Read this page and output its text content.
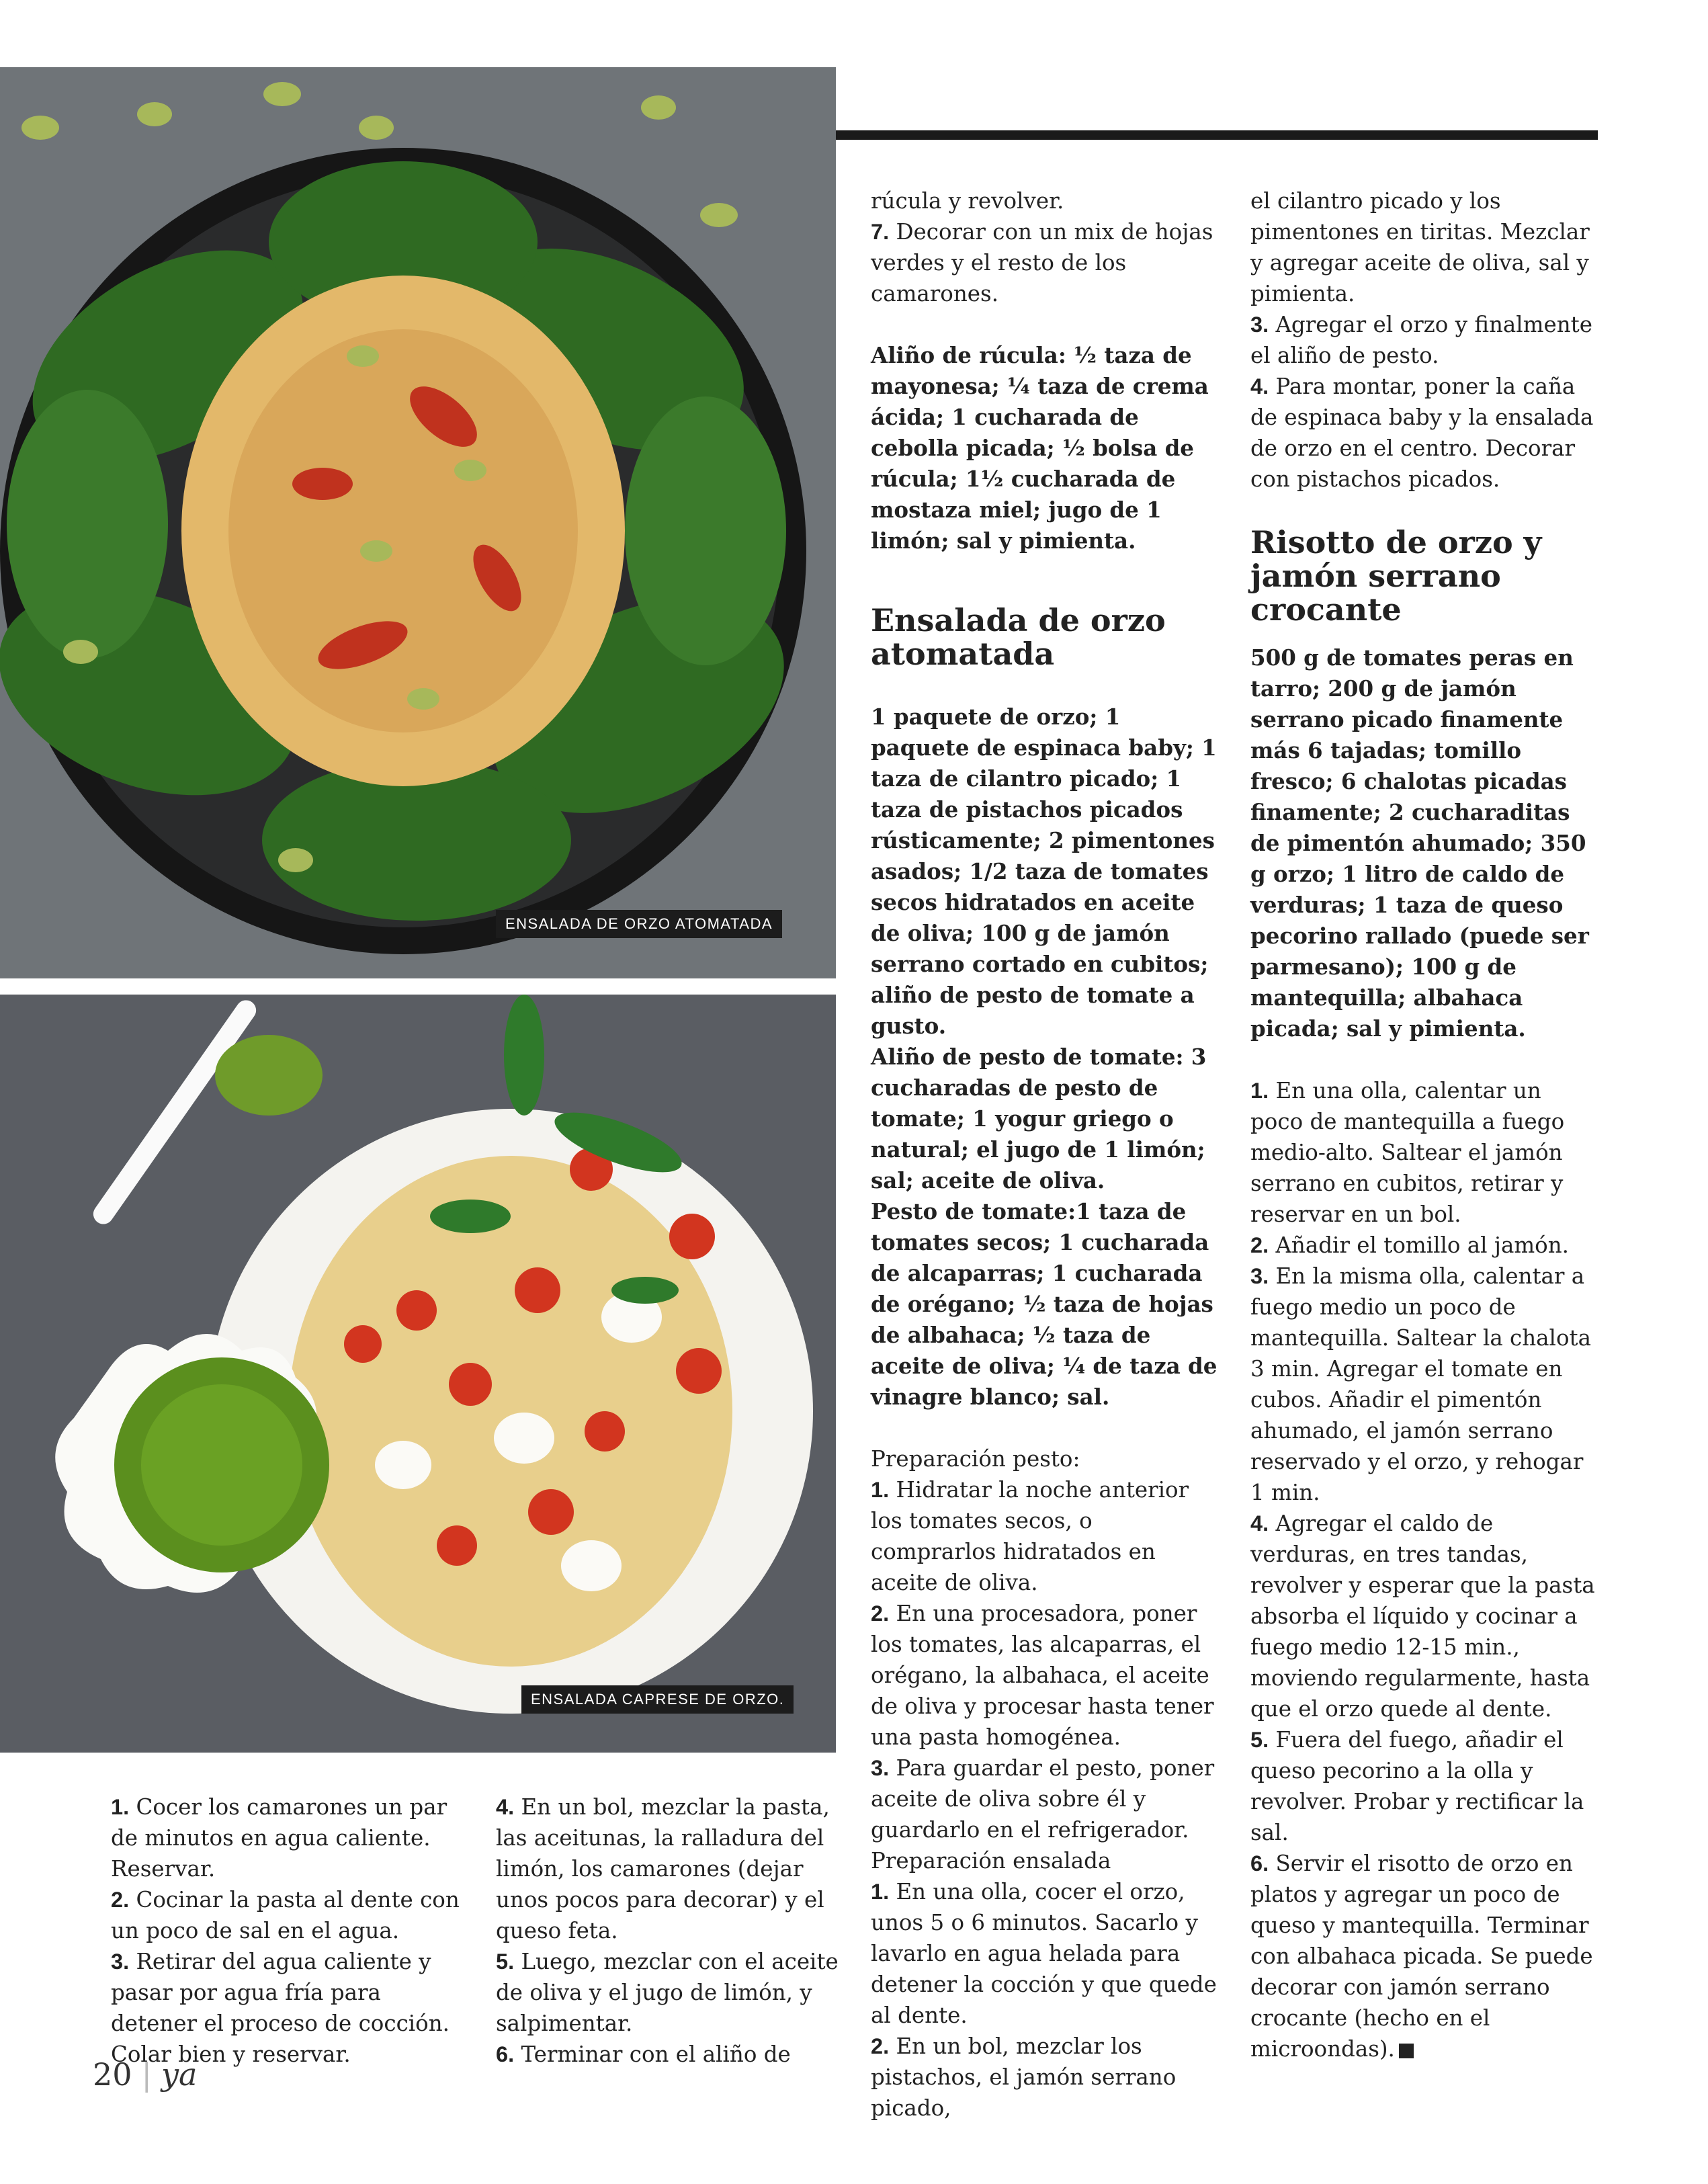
ENSALADA DE ORZO ATOMATADA
ENSALADA CAPRESE DE ORZO.

1. Cocer los camarones un par de minutos en agua caliente. Reservar.

2. Cocinar la pasta al dente con un poco de sal en el agua.

3. Retirar del agua caliente y pasar por agua fría para detener el proceso de cocción. Colar bien y reservar.

4. En un bol, mezclar la pasta, las aceitunas, la ralladura del limón, los camarones (dejar unos pocos para decorar) y el queso feta.

5. Luego, mezclar con el aceite de oliva y el jugo de limón, y salpimentar.

6. Terminar con el aliño de

rúcula y revolver.

7. Decorar con un mix de hojas verdes y el resto de los camarones.

Aliño de rúcula: ½ taza de mayonesa; ¼ taza de crema ácida; 1 cucharada de cebolla picada; ½ bolsa de rúcula; 1½ cucharada de mostaza miel; jugo de 1 limón; sal y pimienta.

Ensalada de orzo atomatada

1 paquete de orzo; 1 paquete de espinaca baby; 1 taza de cilantro picado; 1 taza de pistachos picados rústicamente; 2 pimentones asados; 1/2 taza de tomates secos hidratados en aceite de oliva; 100 g de jamón serrano cortado en cubitos; aliño de pesto de tomate a gusto.

Aliño de pesto de tomate: 3 cucharadas de pesto de tomate; 1 yogur griego o natural; el jugo de 1 limón; sal; aceite de oliva.

Pesto de tomate:1 taza de tomates secos; 1 cucharada de alcaparras; 1 cucharada de orégano; ½ taza de hojas de albahaca; ½ taza de aceite de oliva; ¼ de taza de vinagre blanco; sal.

Preparación pesto:

1. Hidratar la noche anterior los tomates secos, o comprarlos hidratados en aceite de oliva.

2. En una procesadora, poner los tomates, las alcaparras, el orégano, la albahaca, el aceite de oliva y procesar hasta tener una pasta homogénea.

3. Para guardar el pesto, poner aceite de oliva sobre él y guardarlo en el refrigerador.

Preparación ensalada

1. En una olla, cocer el orzo, unos 5 o 6 minutos. Sacarlo y lavarlo en agua helada para detener la cocción y que quede al dente.

2. En un bol, mezclar los pistachos, el jamón serrano picado,

el cilantro picado y los pimentones en tiritas. Mezclar y agregar aceite de oliva, sal y pimienta.

3. Agregar el orzo y finalmente el aliño de pesto.

4. Para montar, poner la caña de espinaca baby y la ensalada de orzo en el centro. Decorar con pistachos picados.

Risotto de orzo y jamón serrano crocante

500 g de tomates peras en tarro; 200 g de jamón serrano picado finamente más 6 tajadas; tomillo fresco; 6 chalotas picadas finamente; 2 cucharaditas de pimentón ahumado; 350 g orzo; 1 litro de caldo de verduras; 1 taza de queso pecorino rallado (puede ser parmesano); 100 g de mantequilla; albahaca picada; sal y pimienta.

1. En una olla, calentar un poco de mantequilla a fuego medio-alto. Saltear el jamón serrano en cubitos, retirar y reservar en un bol.

2. Añadir el tomillo al jamón.

3. En la misma olla, calentar a fuego medio un poco de mantequilla. Saltear la chalota 3 min. Agregar el tomate en cubos. Añadir el pimentón ahumado, el jamón serrano reservado y el orzo, y rehogar 1 min.

4. Agregar el caldo de verduras, en tres tandas, revolver y esperar que la pasta absorba el líquido y cocinar a fuego medio 12-15 min., moviendo regularmente, hasta que el orzo quede al dente.

5. Fuera del fuego, añadir el queso pecorino a la olla y revolver. Probar y rectificar la sal.

6. Servir el risotto de orzo en platos y agregar un poco de queso y mantequilla. Terminar con albahaca picada. Se puede decorar con jamón serrano crocante (hecho en el microondas).

20 | ya
